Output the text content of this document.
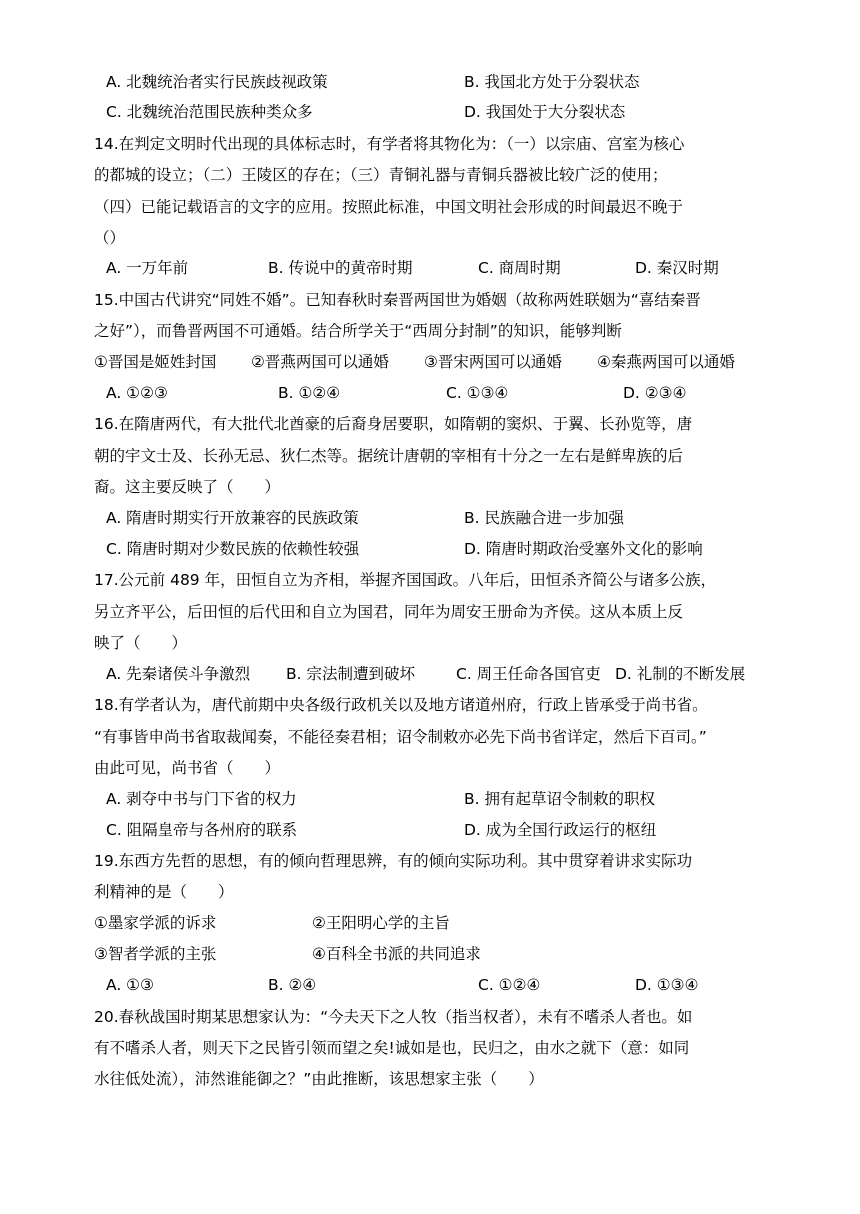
A. 北魏统治者实行民族歧视政策	B. 我国北方处于分裂状态
C. 北魏统治范围民族种类众多	D. 我国处于大分裂状态
14.在判定文明时代出现的具体标志时，有学者将其物化为：（一）以宗庙、宫室为核心
的都城的设立；（二）王陵区的存在；（三）青铜礼器与青铜兵器被比较广泛的使用；
（四）已能记载语言的文字的应用。按照此标准，中国文明社会形成的时间最迟不晚于
（）
A. 一万年前	B. 传说中的黄帝时期	C. 商周时期	D. 秦汉时期
15.中国古代讲究“同姓不婚”。已知春秋时秦晋两国世为婚姻（故称两姓联姻为“喜结秦晋
之好”），而鲁晋两国不可通婚。结合所学关于“西周分封制”的知识，能够判断
①晋国是姬姓封国 ②晋燕两国可以通婚 ③晋宋两国可以通婚 ④秦燕两国可以通婚
A. ①②③	B. ①②④	C. ①③④	D. ②③④
16.在隋唐两代，有大批代北酋豪的后裔身居要职，如隋朝的窦炽、于翼、长孙览等，唐
朝的宇文士及、长孙无忌、狄仁杰等。据统计唐朝的宰相有十分之一左右是鲜卑族的后
裔。这主要反映了（　　）
A. 隋唐时期实行开放兼容的民族政策	B. 民族融合进一步加强
C. 隋唐时期对少数民族的依赖性较强	D. 隋唐时期政治受塞外文化的影响
17.公元前 489 年，田恒自立为齐相，举握齐国国政。八年后，田恒杀齐简公与诸多公族，
另立齐平公，后田恒的后代田和自立为国君，同年为周安王册命为齐侯。这从本质上反
映了（　　）
A. 先秦诸侯斗争激烈 B. 宗法制遭到破坏	C. 周王任命各国官吏 D. 礼制的不断发展
18.有学者认为，唐代前期中央各级行政机关以及地方诸道州府，行政上皆承受于尚书省。
“有事皆申尚书省取裁闻奏，不能径奏君相；诏令制敕亦必先下尚书省详定，然后下百司。”
由此可见，尚书省（　　）
A. 剥夺中书与门下省的权力	B. 拥有起草诏令制敕的职权
C. 阻隔皇帝与各州府的联系	D. 成为全国行政运行的枢纽
19.东西方先哲的思想，有的倾向哲理思辨，有的倾向实际功利。其中贯穿着讲求实际功
利精神的是（　　）
①墨家学派的诉求	②王阳明心学的主旨
③智者学派的主张	④百科全书派的共同追求
A. ①③	B. ②④	C. ①②④	D. ①③④
20.春秋战国时期某思想家认为：“今夫天下之人牧（指当权者），未有不嗜杀人者也。如
有不嗜杀人者，则天下之民皆引领而望之矣!诚如是也，民归之，由水之就下（意：如同
水往低处流），沛然谁能御之？”由此推断，该思想家主张（　　）
